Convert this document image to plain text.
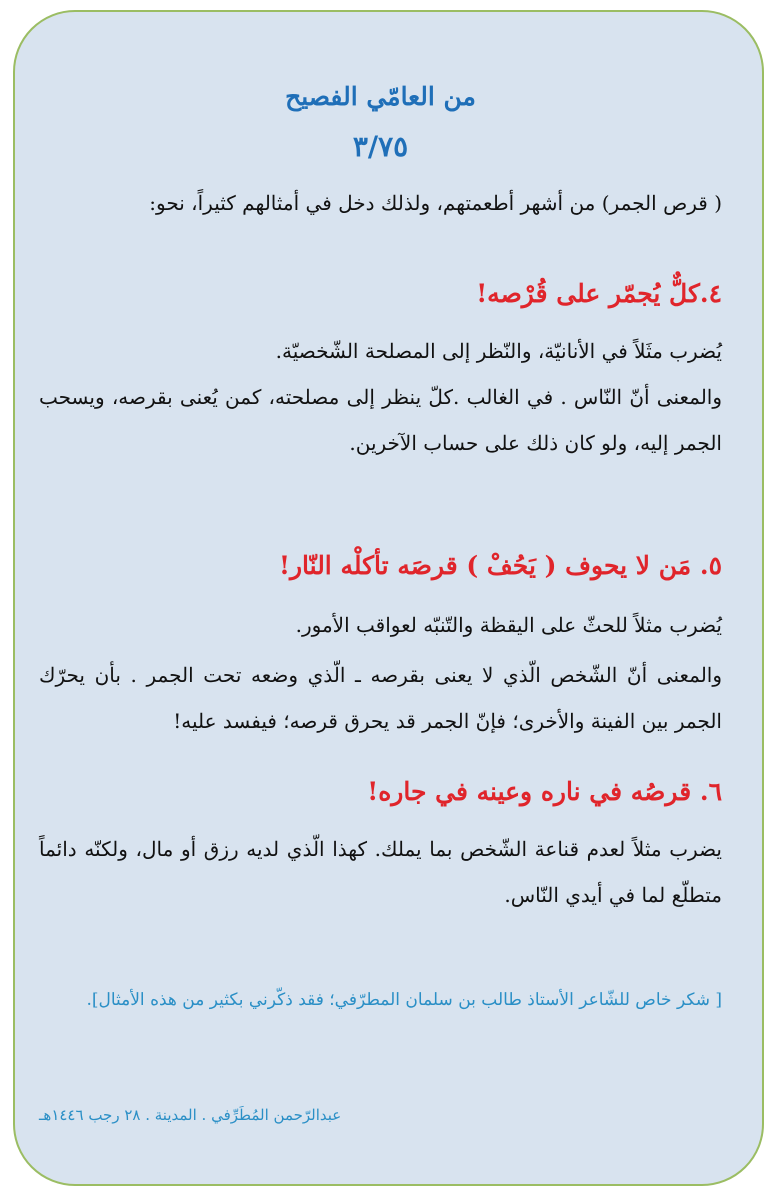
من العامّي الفصيح
٣/٧٥
( قرص الجمر) من أشهر أطعمتهم، ولذلك دخل في أمثالهم كثيراً، نحو:
٤.كلٌّ يُجمّر على قُرْصه!
يُضرب مثَلاً في الأنانيّة، والنّظر إلى المصلحة الشّخصيّة.
والمعنى أنّ النّاس . في الغالب .كلّ ينظر إلى مصلحته، كمن يُعنى بقرصه، ويسحب الجمر إليه، ولو كان ذلك على حساب الآخرين.
٥. مَن لا يحوف ( يَحُفْ ) قرصَه تأكلْه النّار!
يُضرب مثلاً للحثّ على اليقظة والتّنبّه لعواقب الأمور.
والمعنى أنّ الشّخص الّذي لا يعنى بقرصه ـ الّذي وضعه تحت الجمر . بأن يحرّك الجمر بين الفينة والأخرى؛ فإنّ الجمر قد يحرق قرصه؛ فيفسد عليه!
٦. قرصُه في ناره وعينه في جاره!
يضرب مثلاً لعدم قناعة الشّخص بما يملك. كهذا الّذي لديه رزق أو مال، ولكنّه دائماً متطلّع لما في أيدي النّاس.
[ شكر خاص للشّاعر الأستاذ طالب بن سلمان المطرّفي؛ فقد ذكّرني بكثير من هذه الأمثال].
عبدالرّحمن المُطَرِّفي . المدينة . ٢٨ رجب ١٤٤٦هـ
